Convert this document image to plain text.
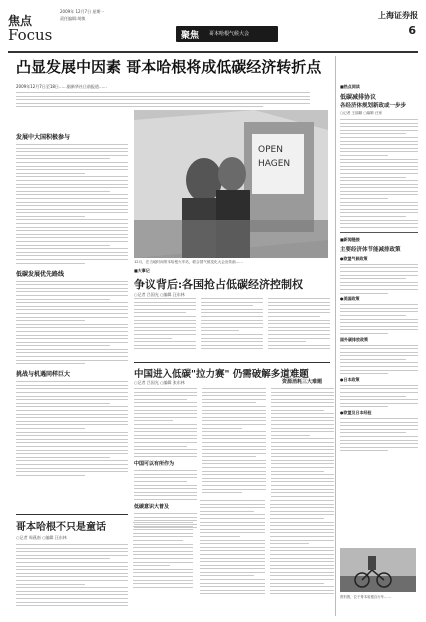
焦点
Focus
2009年 12月7日 星期一
责任编辑:胡敏
聚焦 哥本哈根气候大会
上海证券报
6
凸显发展中因素 哥本哈根将成低碳经济转折点
2009年12月7日至18日……据新华社日前报道……
发展中大国积极参与
低碳发展优先路线
挑战与机遇同样巨大
哥本哈根不只是童话
○记者 周燕南 ○编辑 汪东林
OPEN
HAGEN
12月，在当地时间哥本哈根火车站，联合国气候变化大会宣传画……
■大事记
争议背后:各国抢占低碳经济控制权
○记者 吕国光 ○编辑 汪东林
中国进入低碳"拉力赛" 仍需破解多道难题
○记者 吕国光 ○编辑 张东林
中国可以有所作为
低碳意识大普及
■热点阅读
低碳减排协议
各经济体规划新政或一步步
○记者 王丽颖 ○编辑 汪家
■新闻链接
主要经济体节能减排政策
●欧盟气候政策
●美国政策
国外碳排放政策
●日本政策
●欧盟及日本经验
资源消耗三大难题
资料图，位于哥本哈根自行车……
